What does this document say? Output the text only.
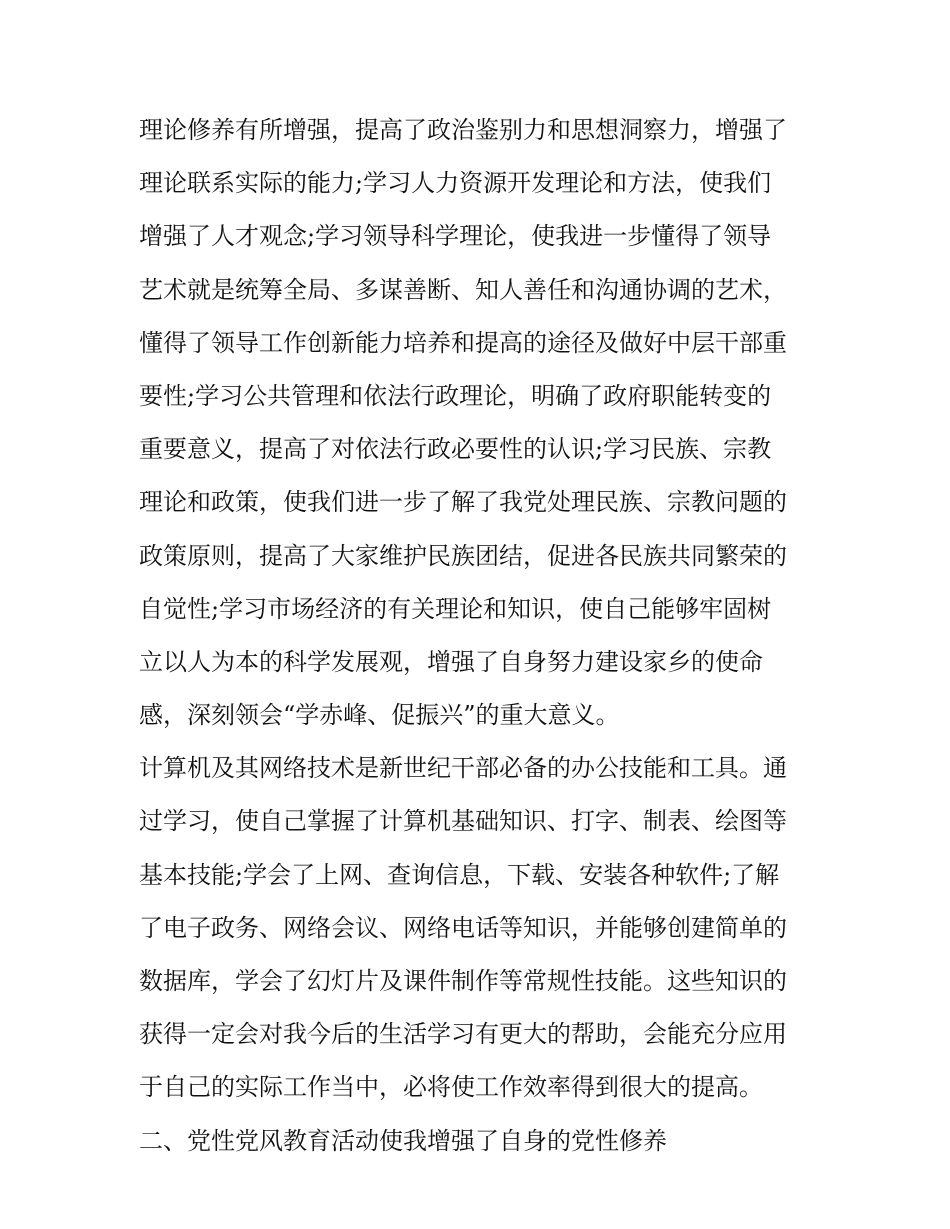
理论修养有所增强，提高了政治鉴别力和思想洞察力，增强了
理论联系实际的能力;学习人力资源开发理论和方法，使我们
增强了人才观念;学习领导科学理论，使我进一步懂得了领导
艺术就是统筹全局、多谋善断、知人善任和沟通协调的艺术，
懂得了领导工作创新能力培养和提高的途径及做好中层干部重
要性;学习公共管理和依法行政理论，明确了政府职能转变的
重要意义，提高了对依法行政必要性的认识;学习民族、宗教
理论和政策，使我们进一步了解了我党处理民族、宗教问题的
政策原则，提高了大家维护民族团结，促进各民族共同繁荣的
自觉性;学习市场经济的有关理论和知识，使自己能够牢固树
立以人为本的科学发展观，增强了自身努力建设家乡的使命
感，深刻领会“学赤峰、促振兴”的重大意义。
计算机及其网络技术是新世纪干部必备的办公技能和工具。通
过学习，使自己掌握了计算机基础知识、打字、制表、绘图等
基本技能;学会了上网、查询信息，下载、安装各种软件;了解
了电子政务、网络会议、网络电话等知识，并能够创建简单的
数据库，学会了幻灯片及课件制作等常规性技能。这些知识的
获得一定会对我今后的生活学习有更大的帮助，会能充分应用
于自己的实际工作当中，必将使工作效率得到很大的提高。
二、党性党风教育活动使我增强了自身的党性修养
